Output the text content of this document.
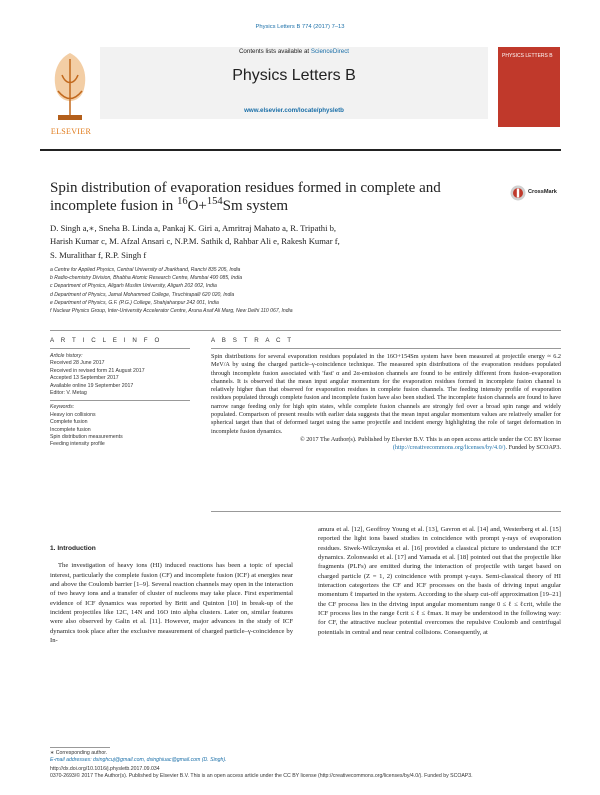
Physics Letters B 774 (2017) 7–13
ELSEVIER
Contents lists available at ScienceDirect
Physics Letters B
www.elsevier.com/locate/physletb
PHYSICS LETTERS B
Spin distribution of evaporation residues formed in complete and
incomplete fusion in $^{16}$O+$^{154}$Sm system
CrossMark
D. Singh a,∗, Sneha B. Linda a, Pankaj K. Giri a, Amritraj Mahato a, R. Tripathi b,
Harish Kumar c, M. Afzal Ansari c, N.P.M. Sathik d, Rahbar Ali e, Rakesh Kumar f,
S. Muralithar f, R.P. Singh f
a Centre for Applied Physics, Central University of Jharkhand, Ranchi 835 205, India
b Radio-chemistry Division, Bhabha Atomic Research Centre, Mumbai 400 085, India
c Department of Physics, Aligarh Muslim University, Aligarh 202 002, India
d Department of Physics, Jamal Mohammed College, Tiruchirapalli 620 020, India
e Department of Physics, G.F. (P.G.) College, Shahjahanpur 242 001, India
f Nuclear Physics Group, Inter-University Accelerator Centre, Aruna Asaf Ali Marg, New Delhi 110 067, India
A R T I C L E I N F O	A B S T R A C T
Article history:
Received 28 June 2017
Received in revised form 21 August 2017
Accepted 13 September 2017
Available online 19 September 2017
Editor: V. Metag
Keywords:
Heavy ion collisions
Complete fusion
Incomplete fusion
Spin distribution measurements
Feeding intensity profile
Spin distributions for several evaporation residues populated in the 16O+154Sm system have been measured at projectile energy ≈ 6.2 MeV/A by using the charged particle–γ-coincidence technique. The measured spin distributions of the evaporation residues populated through incomplete fusion associated with 'fast' α and 2α-emission channels are found to be entirely different from fusion–evaporation channels. It is observed that the mean input angular momentum for the evaporation residues formed in incomplete fusion channel is relatively higher than that observed for evaporation residues in complete fusion channels. The feeding intensity profile of evaporation residues populated through complete fusion and incomplete fusion have also been studied. The incomplete fusion channels are found to have narrow range feeding only for high spin states, while complete fusion channels are strongly fed over a broad spin range and widely populated. Comparison of present results with earlier data suggests that the mean input angular momentum values are relatively smaller for spherical target than that of deformed target using the same projectile and incident energy highlighting the role of target deformation in incomplete fusion dynamics.
© 2017 The Author(s). Published by Elsevier B.V. This is an open access article under the CC BY license (http://creativecommons.org/licenses/by/4.0/). Funded by SCOAP3.
1. Introduction

The investigation of heavy ions (HI) induced reactions has been a topic of special interest, particularly the complete fusion (CF) and incomplete fusion (ICF) at energies near and above the Coulomb barrier [1–9]. Several reaction channels may open in the interaction of two heavy ions and a transfer of cluster of nucleons may take place. First experimental evidence of ICF dynamics was reported by Britt and Quinton [10] in break-up of the incident projectiles like 12C, 14N and 16O into alpha clusters. Later on, similar features were also observed by Galin et al. [11]. However, major advances in the study of ICF dynamics took place after the exclusive measurement of charged particle–γ-coincidence by In-

amura et al. [12], Geoffroy Young et al. [13], Gavron et al. [14] and, Westerberg et al. [15] reported the light ions based studies in coincidence with prompt γ-rays of evaporation residues. Siwek-Wilczynska et al. [16] provided a classical picture to understand the ICF dynamics. Zolonwaski et al. [17] and Yamada et al. [18] pointed out that the projectile like fragments (PLFs) are emitted during the interaction of projectile with target based on charged particle (Z = 1, 2) coincidence with prompt γ-rays. Semi-classical theory of HI interaction categorizes the CF and ICF processes on the basis of driving input angular momentum ℓ imparted in the system. According to the sharp cut-off approximation [19–21] the CF process lies in the driving input angular momentum range 0 ≤ ℓ ≤ ℓcrit, while the ICF process lies in the range ℓcrit ≤ ℓ ≤ ℓmax. It may be understood in the following way: for CF, the attractive nuclear potential overcomes the repulsive Coulomb and centrifugal potentials in central and near central collisions. Consequently, at

∗ Corresponding author.
E-mail addresses: dsinghcuj@gmail.com, dsinghiuac@gmail.com (D. Singh).
http://dx.doi.org/10.1016/j.physletb.2017.09.034
0370-2693/© 2017 The Author(s). Published by Elsevier B.V. This is an open access article under the CC BY license (http://creativecommons.org/licenses/by/4.0/). Funded by SCOAP3.
